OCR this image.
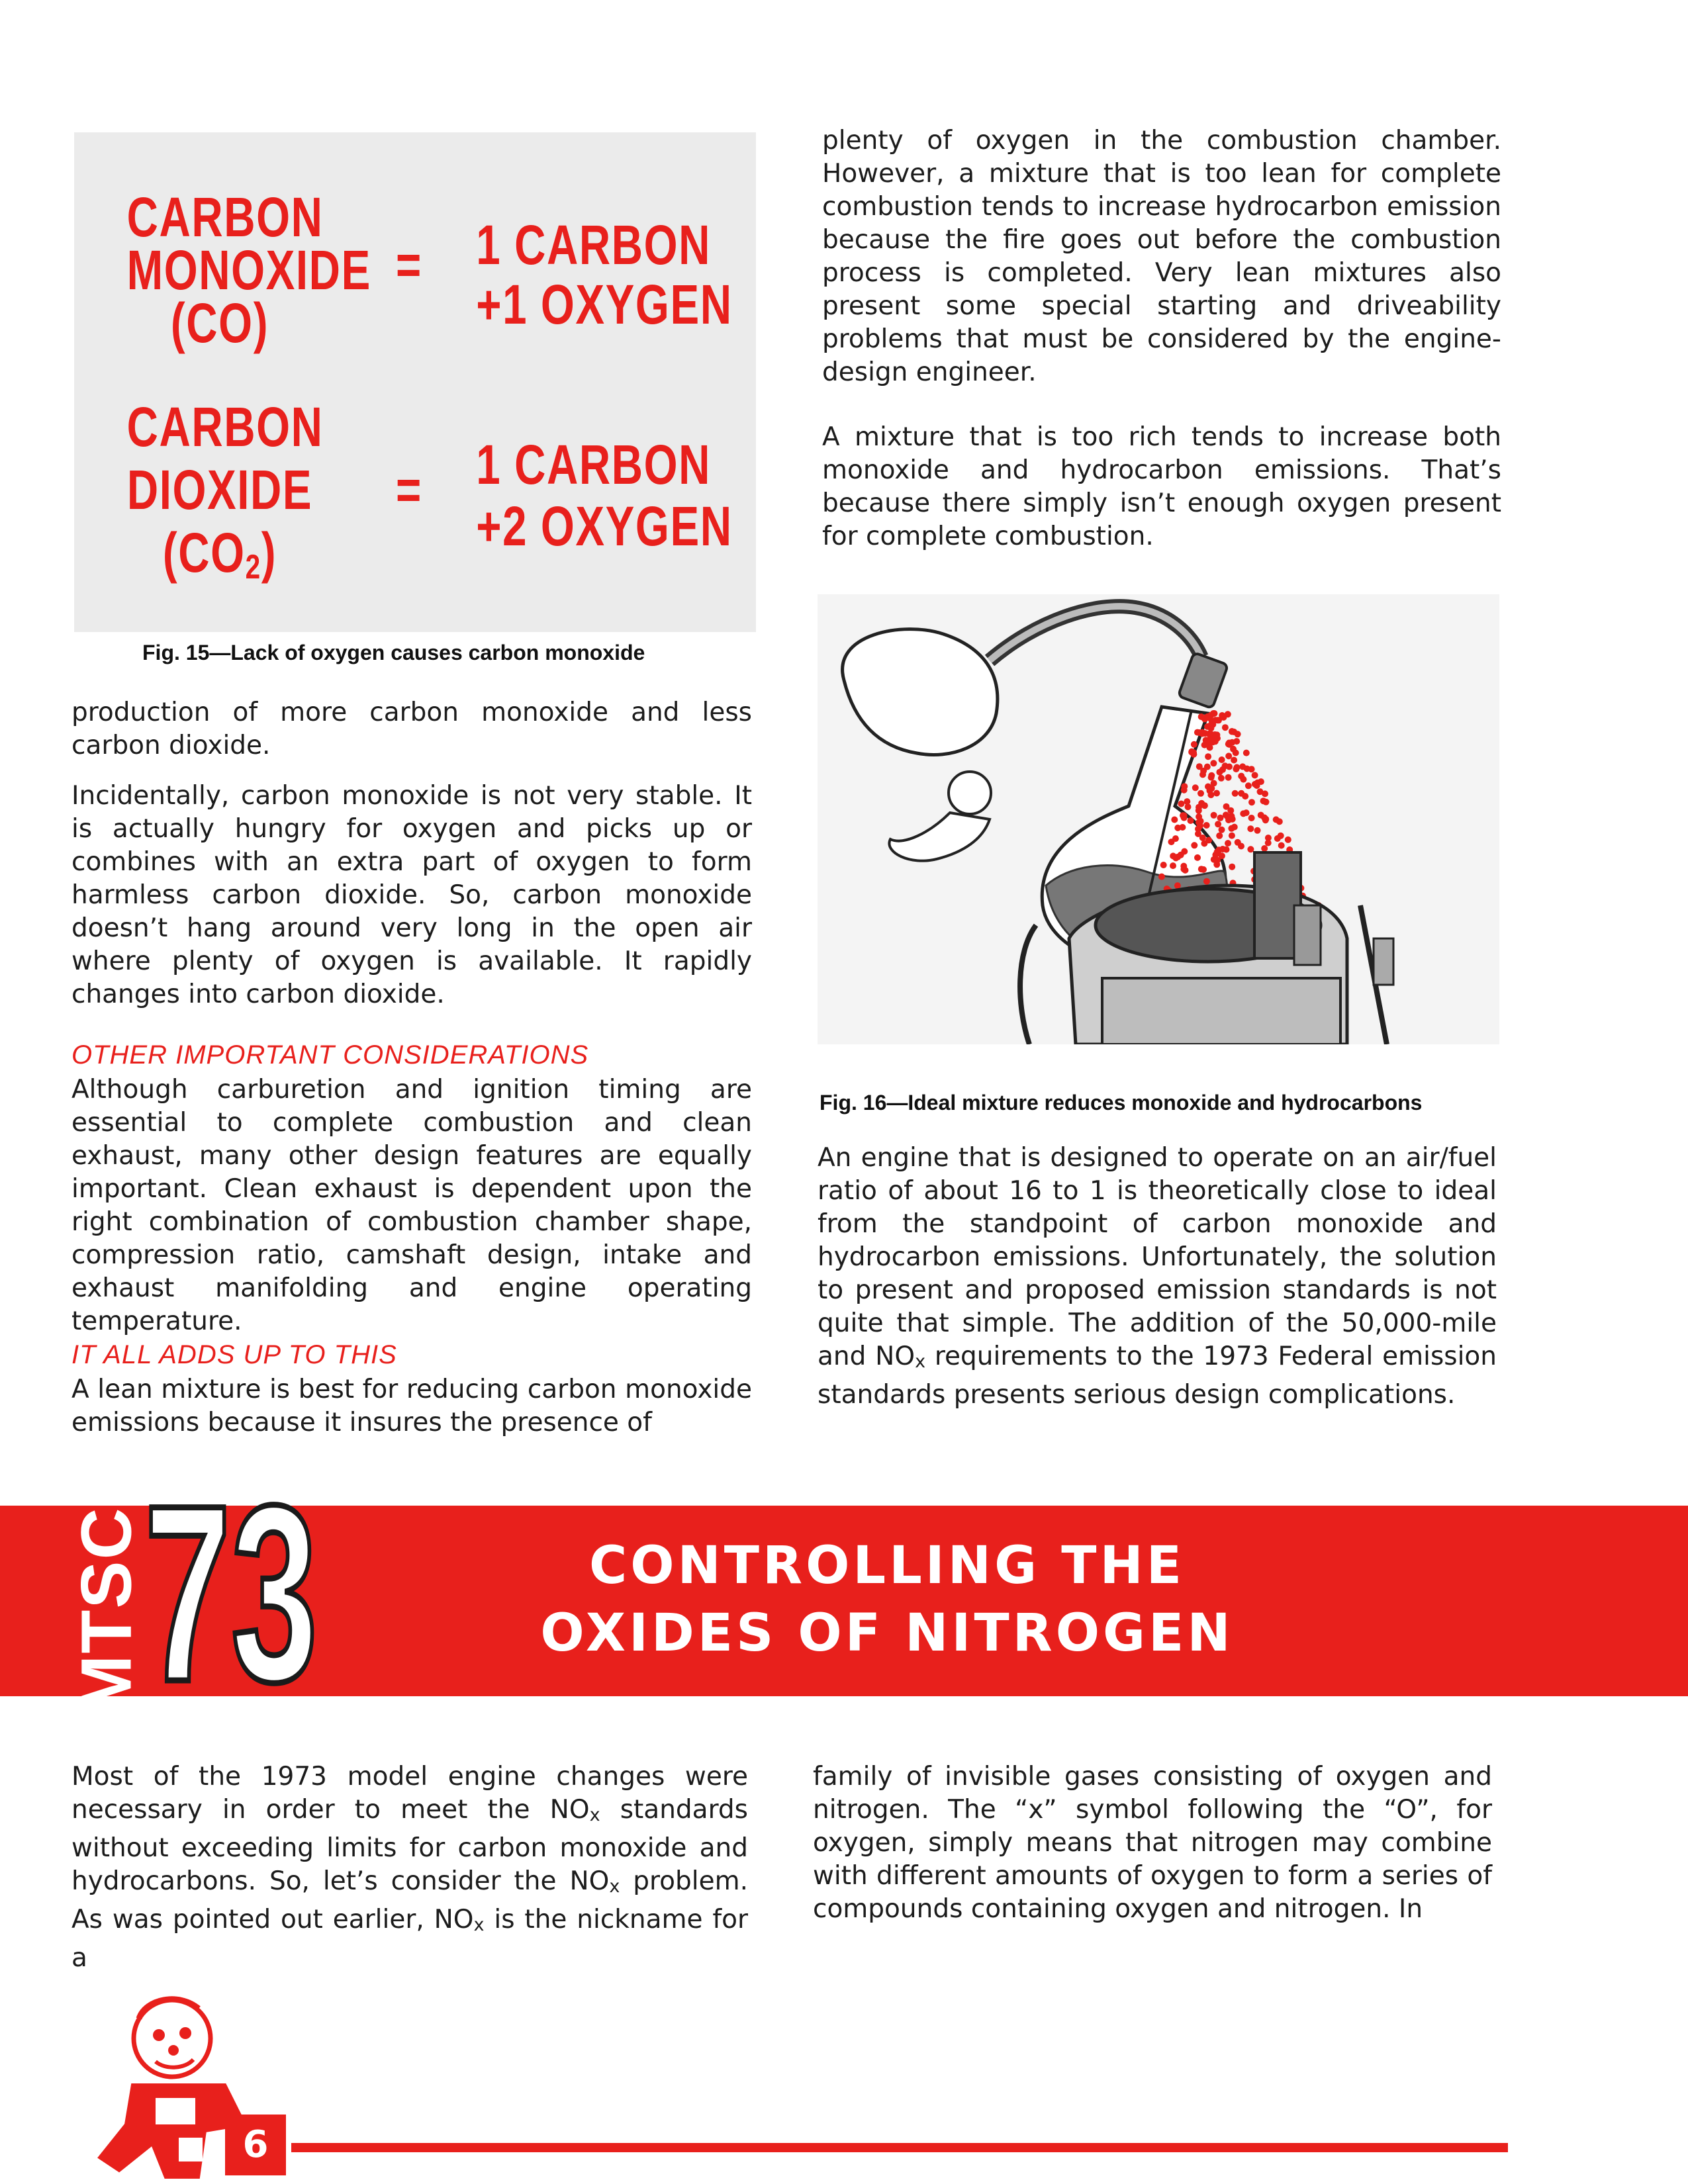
CARBON
MONOXIDE
(CO)
= 1 CARBON
+1 OXYGEN
CARBON
DIOXIDE
$(CO_2)$
= 1 CARBON
+2 OXYGEN
Fig. 15—Lack of oxygen causes carbon monoxide

production of more carbon monoxide and less carbon dioxide.

Incidentally, carbon monoxide is not very stable. It is actually hungry for oxygen and picks up or combines with an extra part of oxygen to form harmless carbon dioxide. So, carbon monoxide doesn’t hang around very long in the open air where plenty of oxygen is available. It rapidly changes into carbon dioxide.

OTHER IMPORTANT CONSIDERATIONS

Although carburetion and ignition timing are essential to complete combustion and clean exhaust, many other design features are equally important. Clean exhaust is dependent upon the right combination of combustion chamber shape, compression ratio, camshaft design, intake and exhaust manifolding and engine operating temperature.

IT ALL ADDS UP TO THIS

A lean mixture is best for reducing carbon monoxide emissions because it insures the presence of

plenty of oxygen in the combustion chamber. However, a mixture that is too lean for complete combustion tends to increase hydrocarbon emission because the fire goes out before the combustion process is completed. Very lean mixtures also present some special starting and driveability problems that must be considered by the engine-design engineer.

A mixture that is too rich tends to increase both monoxide and hydrocarbon emissions. That’s because there simply isn’t enough oxygen present for complete combustion.

Fig. 16—Ideal mixture reduces monoxide and hydrocarbons

An engine that is designed to operate on an air/fuel ratio of about 16 to 1 is theoretically close to ideal from the standpoint of carbon monoxide and hydrocarbon emissions. Unfortunately, the solution to present and proposed emission standards is not quite that simple. The addition of the 50,000-mile and $NO_x$ requirements to the 1973 Federal emission standards presents serious design complications.

MTSC
73	CONTROLLING THE
OXIDES OF NITROGEN

Most of the 1973 model engine changes were necessary in order to meet the $NO_x$ standards without exceeding limits for carbon monoxide and hydrocarbons. So, let’s consider the $NO_x$ problem. As was pointed out earlier, $NO_x$ is the nickname for a

family of invisible gases consisting of oxygen and nitrogen. The “x” symbol following the “O”, for oxygen, simply means that nitrogen may combine with different amounts of oxygen to form a series of compounds containing oxygen and nitrogen. In

6
